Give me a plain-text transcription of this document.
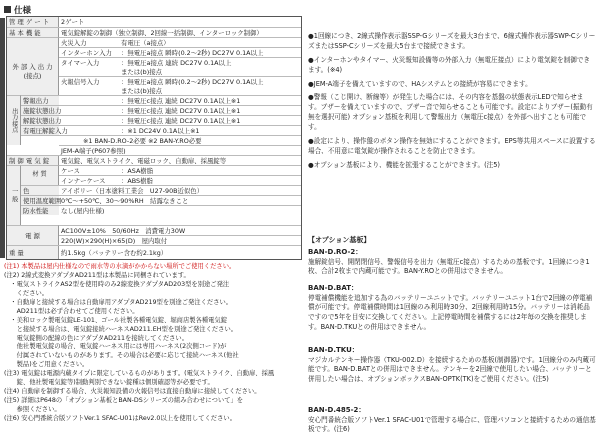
仕様
管 理 ゲ ー ト	2ゲート
基 本 機 能	電気錠解錠の制御（独立制御、2回線一括制御、インターロック制御）
外 部 入 出 力 (接点)
火災入力	有電圧（a接点）
インターホン入力	：無電圧a接点 瞬時(0.2〜2秒) DC27V 0.1A以上
タイマー入力	：無電圧a接点 連続 DC27V 0.1A以上
または(b)接点
火報信号入力	：無電圧a接点 瞬時(0.2〜2秒) DC27V 0.1A以上
または(b)接点
出力接点
警報出力	：無電圧c接点 連続 DC27V 0.1A以上※1
施錠状態出力	：無電圧c接点 連続 DC27V 0.1A以上※1
解錠状態出力	：無電圧c接点 連続 DC27V 0.1A以上※1
有電圧解錠入力	：※1 DC24V 0.1A以上※1
※1 BAN-D.RO-2必要 ※2 BAN-Y.RO必要
JEM-A端子(P607参照)
制 御 電 気 錠	電気錠、電気ストライク、電磁ロック、自動扉、採風錠等
一 般
材 質
ケース	：ASA樹脂
インナーケース	：ABS樹脂
色	アイボリー（日本塗料工業会　U27-90B近似色）
使用温度範囲 0℃〜+50℃、30〜90%RH　結露なきこと
防水性能	なし(屋内仕様)
電 源
AC100V±10%　50/60Hz　消費電力30W
220(W)×290(H)×65(D)　屋内取付
重 量	約1.5kg（バッテリー含む約2.1kg）
(注1) 本製品は屋内仕様なので雨水等の水滴がかからない場所でご使用ください。
(注2) 2線式変換アダプタAD211型は本製品に同梱されています。
　・電気ストライクAS2型を使用時のみ2線変換アダプタAD203型を別途ご発注
　　ください。
　・自動扉と接続する場合は自動扉用アダプタAD219型を別途ご発注ください。
　　AD211型は必ず合わせてご使用ください。
　・美和ロック製電気錠LE-101、ゴール社製各種電気錠、堀商店製各種電気錠
　　と接続する場合は、電気錠接続ハーネスAD211.EH型を別途ご発注ください。
　　電気錠側の配線の色にアダプタAD211を接続してください。
　　他社製電気錠の場合、電気錠ハーネス用には専用ハーネス(2次側コード)が
　　付属されていないものがあります。その場合は必要に応じて接続ハーネス(他社
　　製品)をご用意ください。
(注3) 電気錠は電源内蔵タイプに限定しているものがあります。(電気ストライク、自動扉、採風
　　錠、他社製電気錠等)制動判別できない錠種は個別確認等が必要です。
(注4) 自動扉を制御する場合、火災報知設備の火報信号は直接自動扉に接続してください。
(注5) 詳細はP648の「オプション基板とBAN-DSシリーズの組み合わせについて」を
　　参照ください。
(注6) 安心門番統合版ソフトVer.1 SFAC-U01はRev2.0以上を使用してください。

●1回線につき、2線式操作表示器SSP-Gシリーズを最大3台まで、6線式操作表示器SWP-CシリーズまたはSSP-Cシリーズを最大5台まで接続できます。

●インターホンやタイマー、火災報知設備等の外部入力（無電圧接点）により電気錠を制御できます。(※4)

●JEM-A端子を備えていますので、HAシステムとの接続が容易にできます。

●警報（こじ開け、断線等）が発生した場合には、その内容を基盤の状態表示LEDで知らせます。ブザーを備えていますので、ブザー音で知らせることも可能です。設定によりブザー(振動有無を選択可能) オプション基板を利用して警報出力（無電圧c接点）を外部へ出すことも可能です。

●設定により、操作盤のボタン操作を無効にすることができます。EPS等共用スペースに設置する場合、不用意に電気錠が操作されることを防止できます。

●オプション基板により、機能を拡張することができます。(注5)

【オプション基板】
BAN-D.RO-2：
施解錠信号、開閉閉信号、警報信号を出力（無電圧c接点）するための基板です。1回線につき1枚、合計2枚まで内蔵可能です。BAN-Y.ROとの併用はできません。
BAN-D.BAT：
停電補償機能を追加する為のバッテリーユニットです。バッテリーユニット1台で2回線の停電補償が可能です。停電補償時間は1回線のみ利用時30分、2回線利用時15分。バッテリーは消耗品ですので5年を目安に交換してください。上記停電時間を補償するには2年毎の交換を推奨します。BAN-D.TKUとの併用はできません。
BAN-D.TKU：
マジカルテンキー操作器（TKU-002.D）を接続するための基板(制御器)です。1回線分のみ内蔵可能です。BAN-D.BATとの併用はできません。テンキーを2回線で使用したい場合、バッテリーと併用したい場合は、オプションボックスBAN-OPTK(TK)をご使用ください。(注5)
BAN-D.485-2：
安心門番統合版ソフトVer.1 SFAC-U01で管理する場合に、管理パソコンと接続するための通信基板です。(注6)
